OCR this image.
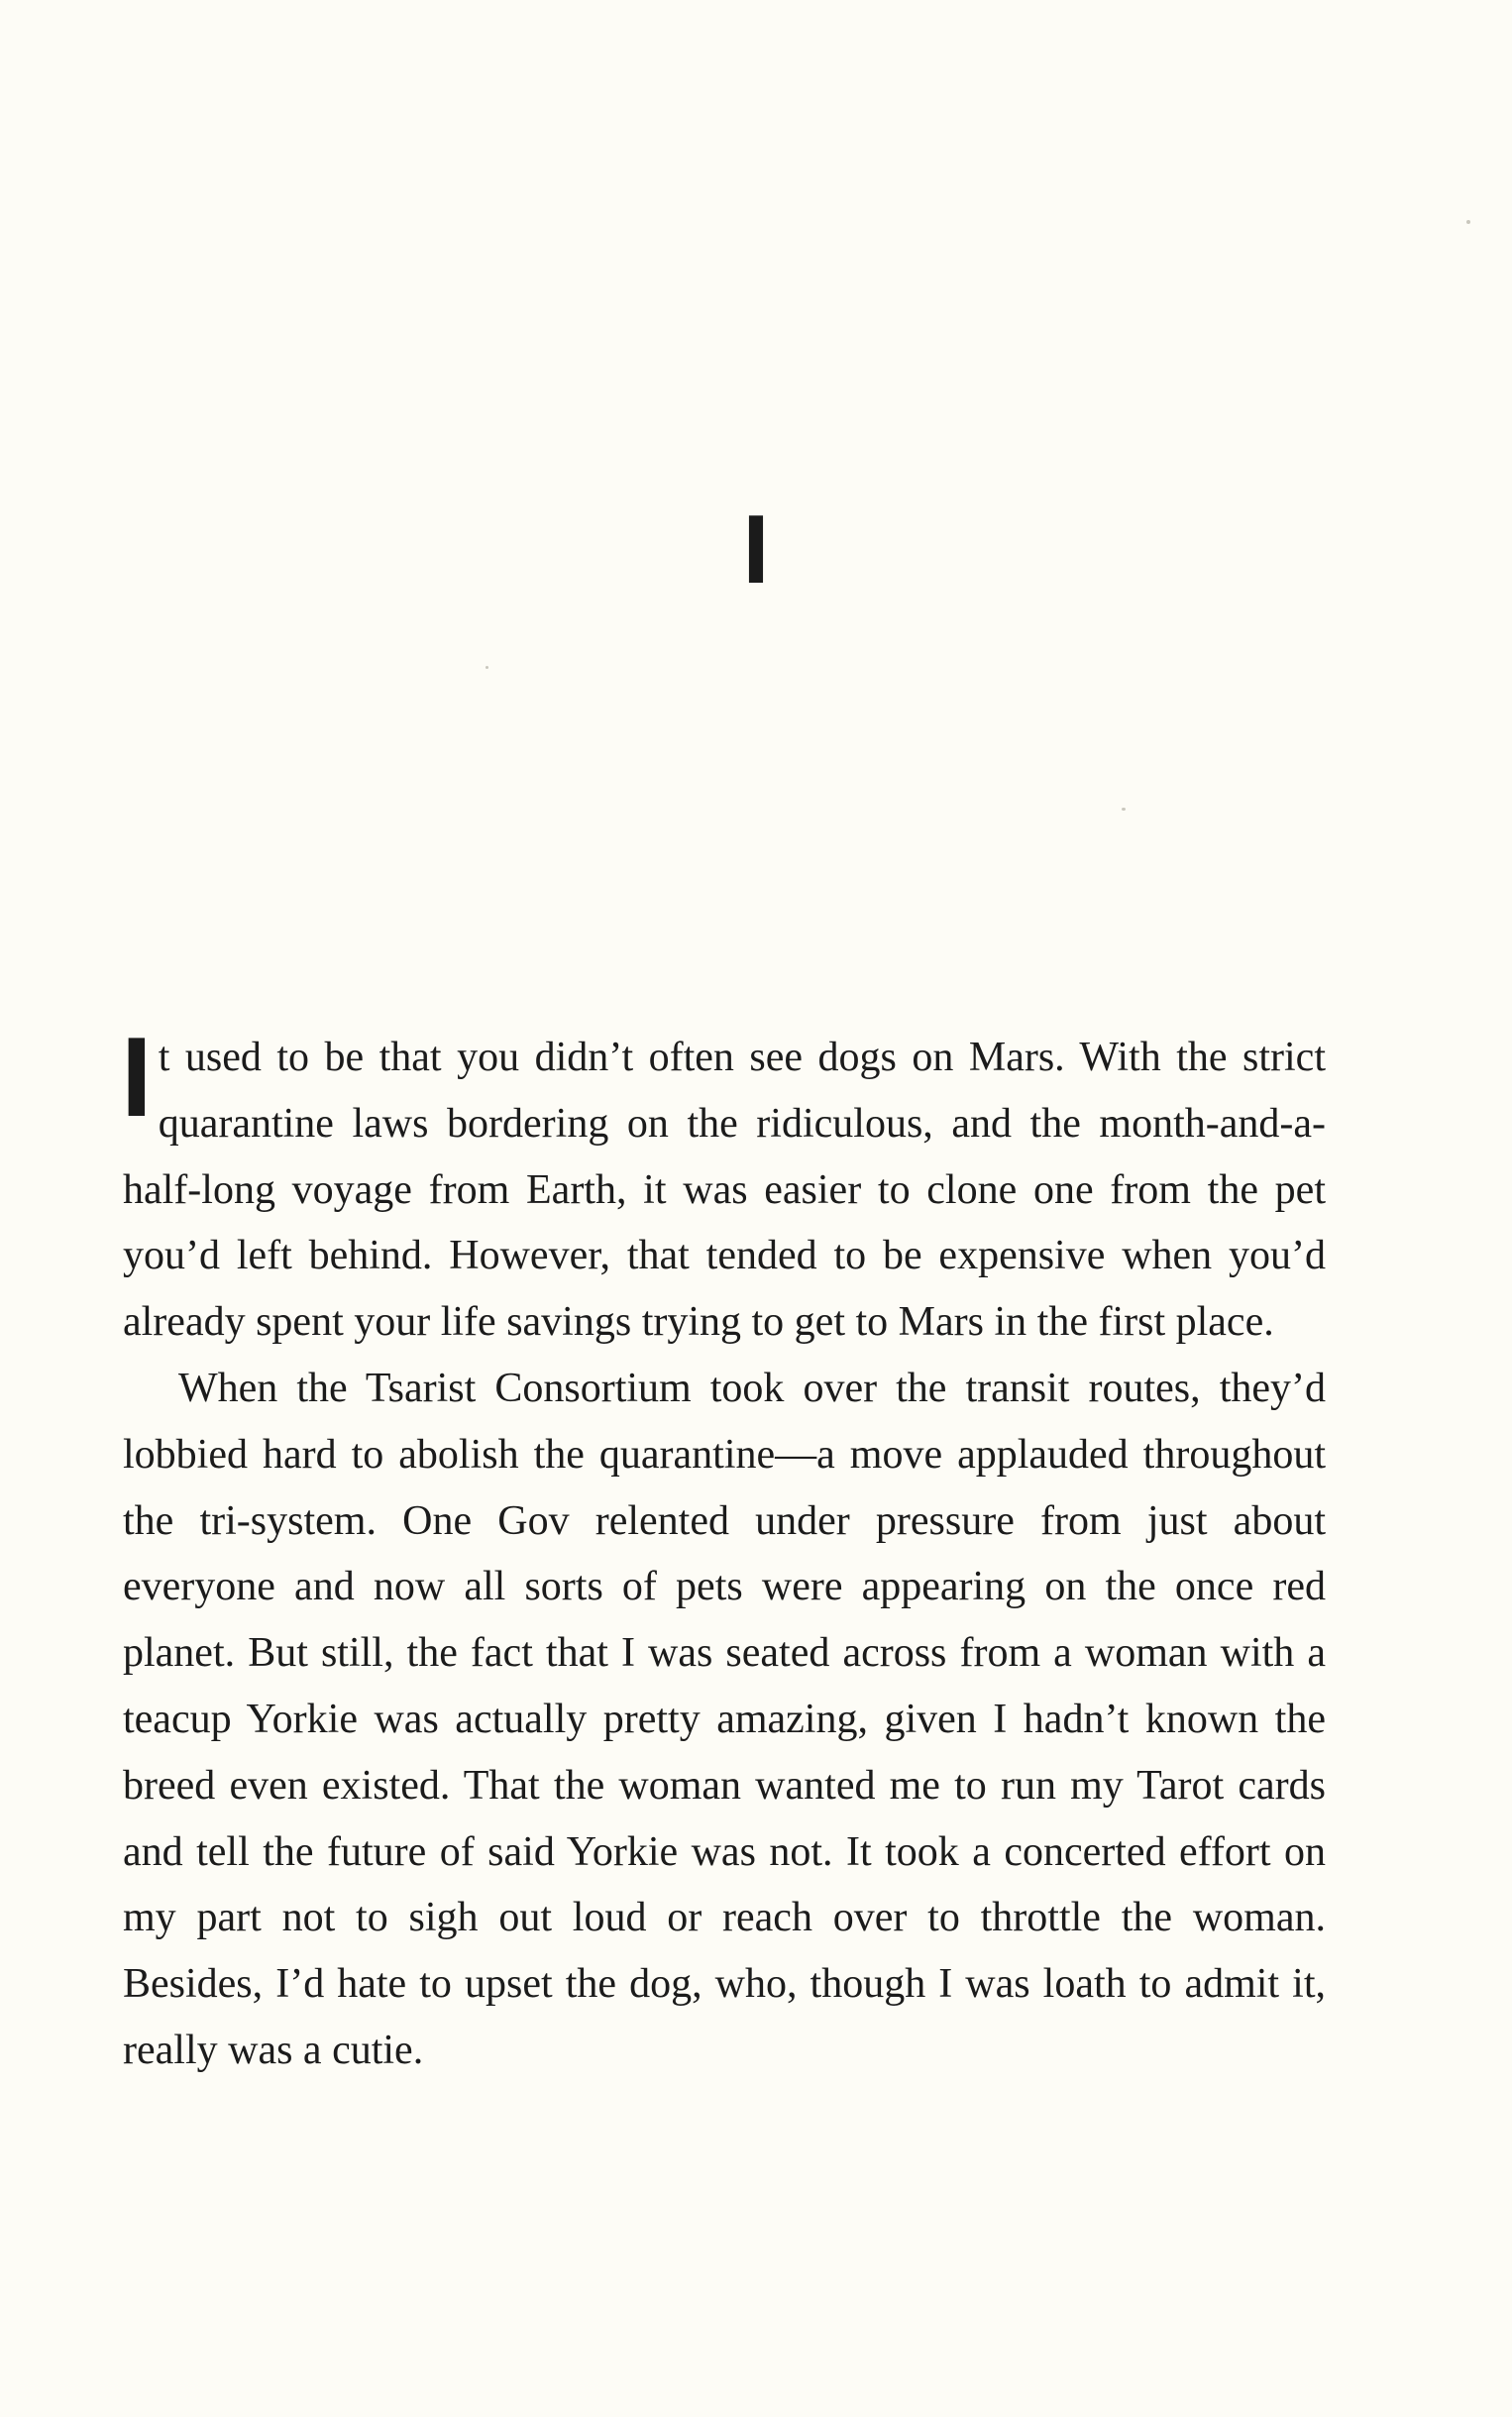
I

It used to be that you didn’t often see dogs on Mars. With the strict quarantine laws bordering on the ridiculous, and the month-and-a-half-long voyage from Earth, it was easier to clone one from the pet you’d left behind. However, that tended to be expensive when you’d already spent your life savings trying to get to Mars in the first place.

When the Tsarist Consortium took over the transit routes, they’d lobbied hard to abolish the quarantine—a move applauded throughout the tri-system. One Gov relented under pressure from just about everyone and now all sorts of pets were appearing on the once red planet. But still, the fact that I was seated across from a woman with a teacup Yorkie was actually pretty amazing, given I hadn’t known the breed even existed. That the woman wanted me to run my Tarot cards and tell the future of said Yorkie was not. It took a concerted effort on my part not to sigh out loud or reach over to throttle the woman. Besides, I’d hate to upset the dog, who, though I was loath to admit it, really was a cutie.
